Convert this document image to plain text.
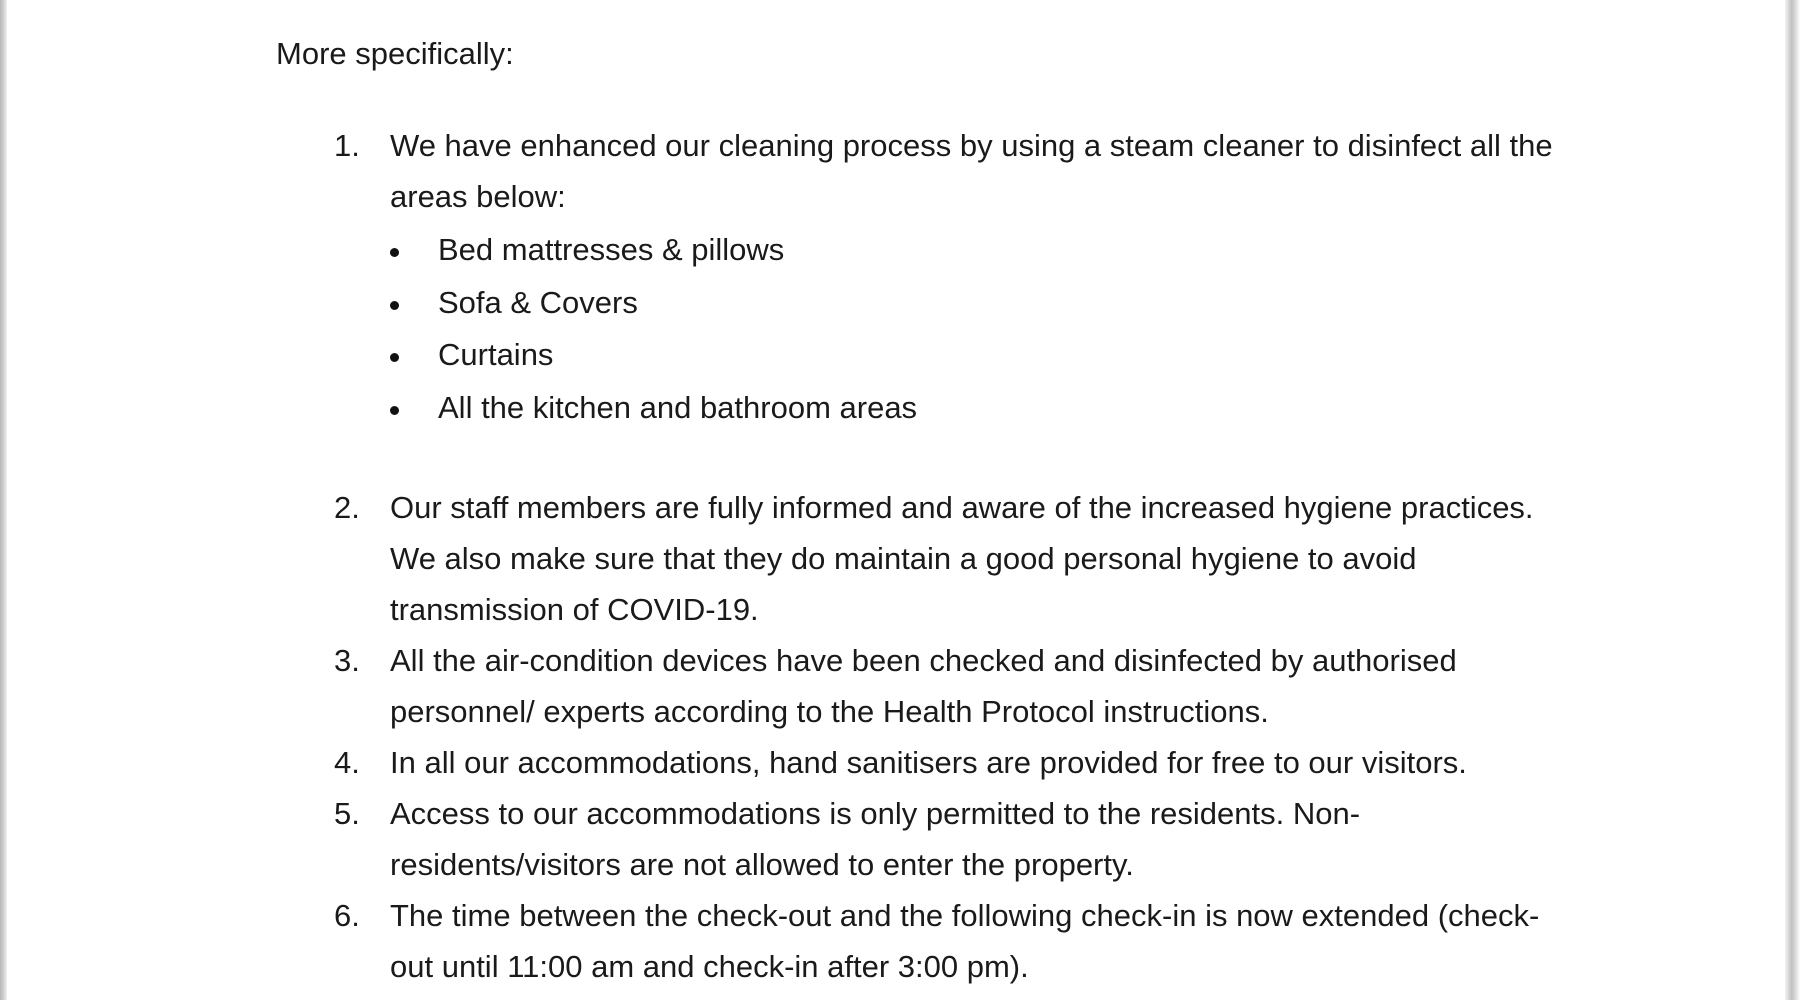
More specifically:

1. We have enhanced our cleaning process by using a steam cleaner to disinfect all the areas below:
Bed mattresses & pillows
Sofa & Covers
Curtains
All the kitchen and bathroom areas
2. Our staff members are fully informed and aware of the increased hygiene practices. We also make sure that they do maintain a good personal hygiene to avoid transmission of COVID-19.
3. All the air-condition devices have been checked and disinfected by authorised personnel/ experts according to the Health Protocol instructions.
4. In all our accommodations, hand sanitisers are provided for free to our visitors.
5. Access to our accommodations is only permitted to the residents. Non-residents/visitors are not allowed to enter the property.
6. The time between the check-out and the following check-in is now extended (check-out until 11:00 am and check-in after 3:00 pm).
